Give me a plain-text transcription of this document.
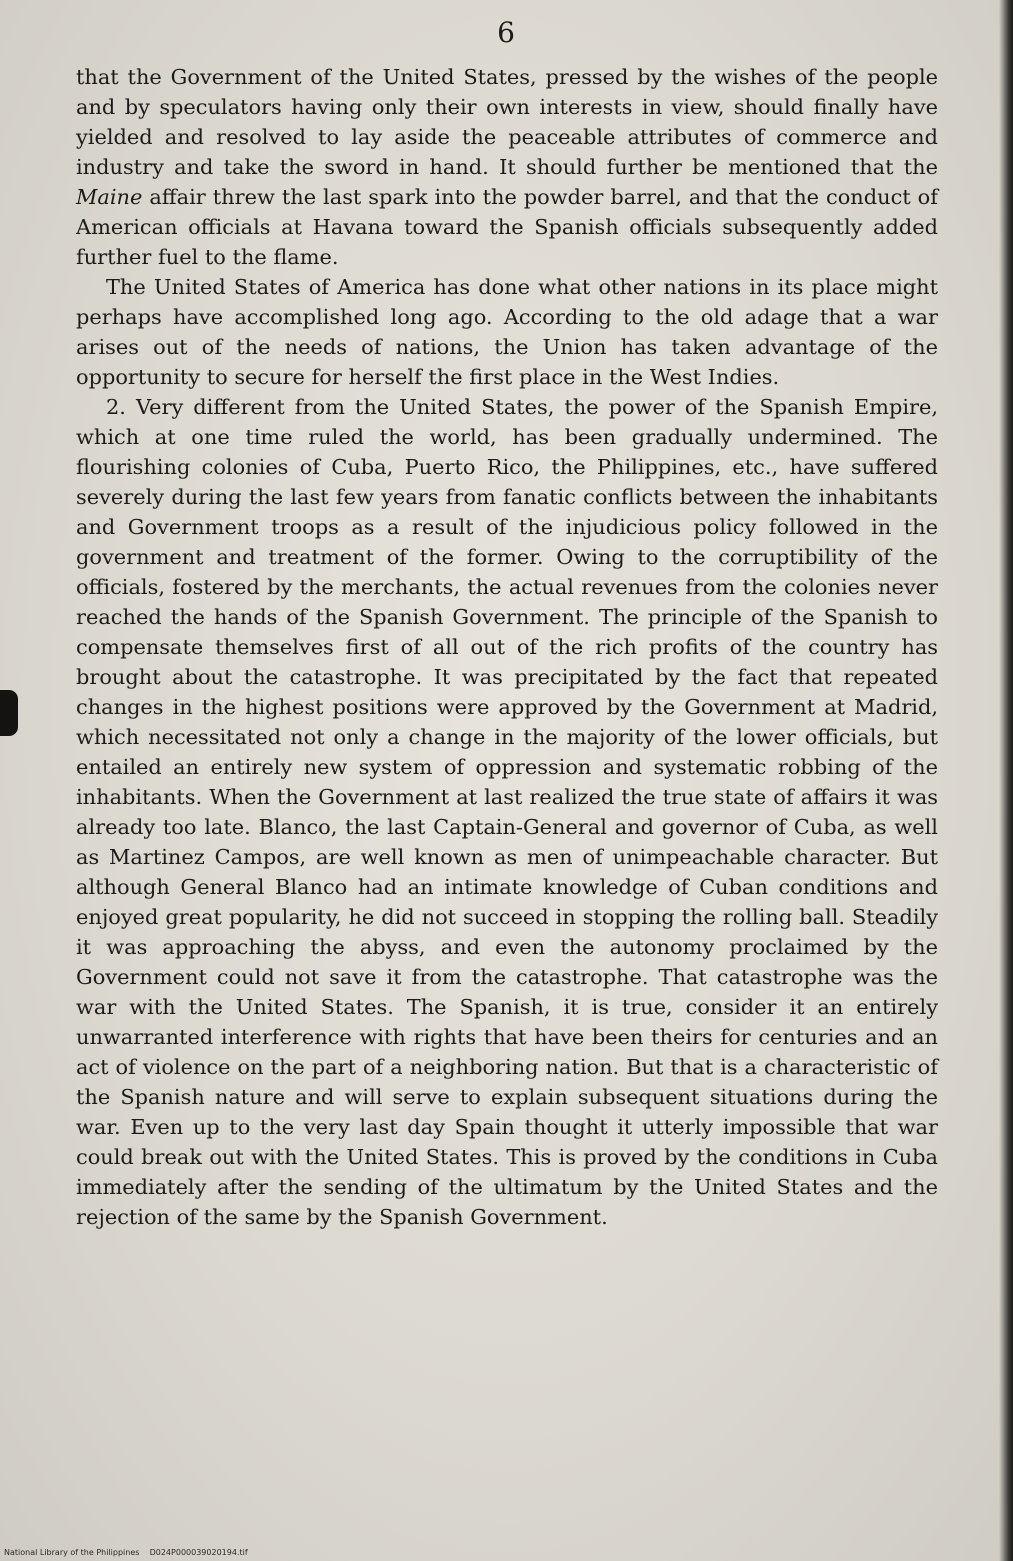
6

that the Government of the United States, pressed by the wishes of the people and by speculators having only their own interests in view, should finally have yielded and resolved to lay aside the peaceable attributes of commerce and industry and take the sword in hand. It should further be mentioned that the Maine affair threw the last spark into the powder barrel, and that the conduct of American officials at Havana toward the Spanish officials subsequently added further fuel to the flame.

The United States of America has done what other nations in its place might perhaps have accomplished long ago. According to the old adage that a war arises out of the needs of nations, the Union has taken advantage of the opportunity to secure for herself the first place in the West Indies.

2. Very different from the United States, the power of the Spanish Empire, which at one time ruled the world, has been gradually undermined. The flourishing colonies of Cuba, Puerto Rico, the Philippines, etc., have suffered severely during the last few years from fanatic conflicts between the inhabitants and Government troops as a result of the injudicious policy followed in the government and treatment of the former. Owing to the corruptibility of the officials, fostered by the merchants, the actual revenues from the colonies never reached the hands of the Spanish Government. The principle of the Spanish to compensate themselves first of all out of the rich profits of the country has brought about the catastrophe. It was precipitated by the fact that repeated changes in the highest positions were approved by the Government at Madrid, which necessitated not only a change in the majority of the lower officials, but entailed an entirely new system of oppression and systematic robbing of the inhabitants. When the Government at last realized the true state of affairs it was already too late. Blanco, the last Captain-General and governor of Cuba, as well as Martinez Campos, are well known as men of unimpeachable character. But although General Blanco had an intimate knowledge of Cuban conditions and enjoyed great popularity, he did not succeed in stopping the rolling ball. Steadily it was approaching the abyss, and even the autonomy proclaimed by the Government could not save it from the catastrophe. That catastrophe was the war with the United States. The Spanish, it is true, consider it an entirely unwarranted interference with rights that have been theirs for centuries and an act of violence on the part of a neighboring nation. But that is a characteristic of the Spanish nature and will serve to explain subsequent situations during the war. Even up to the very last day Spain thought it utterly impossible that war could break out with the United States. This is proved by the conditions in Cuba immediately after the sending of the ultimatum by the United States and the rejection of the same by the Spanish Government.

National Library of the Philippines D024P000039020194.tif
